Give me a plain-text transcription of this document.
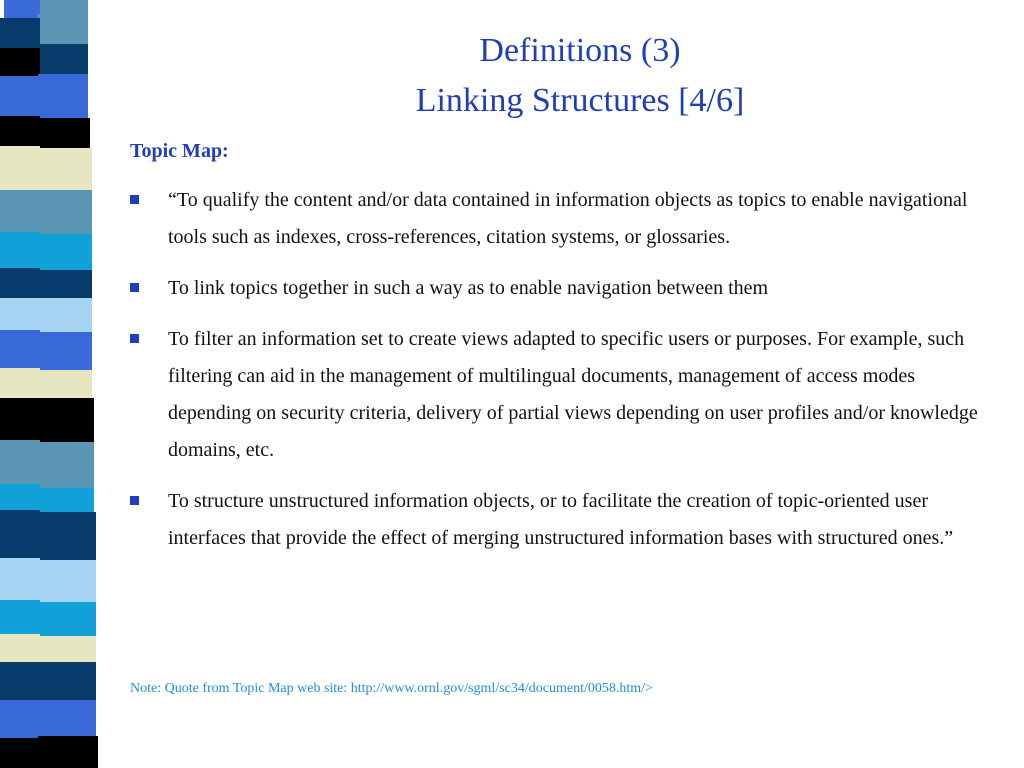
Definitions (3)
Linking Structures [4/6]
Topic Map:
“To qualify the content and/or data contained in information objects as topics to enable navigational tools such as indexes, cross-references, citation systems, or glossaries.
To link topics together in such a way as to enable navigation between them
To filter an information set to create views adapted to specific users or purposes. For example, such filtering can aid in the management of multilingual documents, management of access modes depending on security criteria, delivery of partial views depending on user profiles and/or knowledge domains, etc.
To structure unstructured information objects, or to facilitate the creation of topic-oriented user interfaces that provide the effect of merging unstructured information bases with structured ones.”
Note: Quote from Topic Map web site: http://www.ornl.gov/sgml/sc34/document/0058.htm/>
